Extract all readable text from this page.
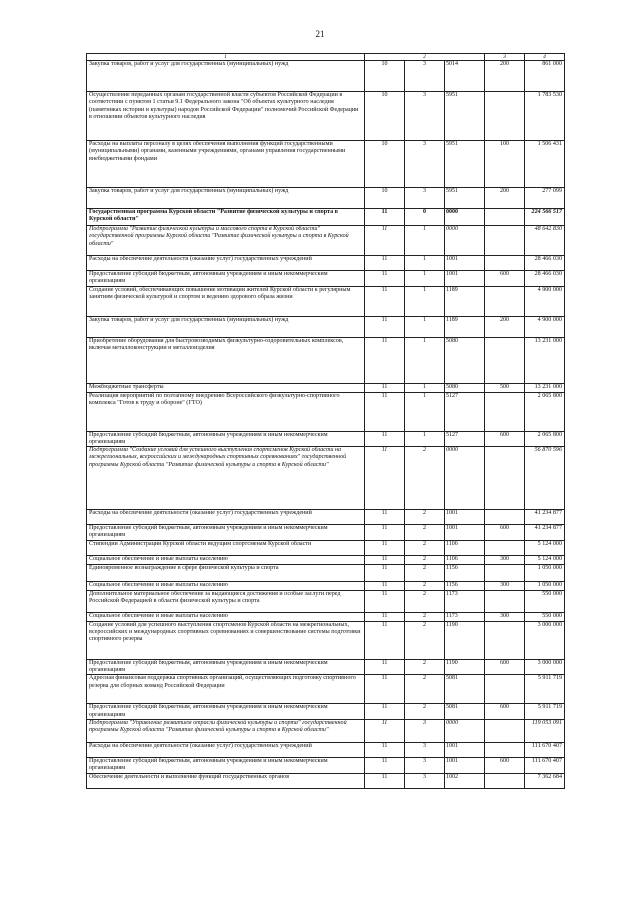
21
1	2			3	4
Закупка товаров, работ и услуг для государственных (муниципальных) нужд	10	3	5014	200	861 000
Осуществление переданных органам государственной власти субъектов Российской Федерации в соответствии с пунктом 1 статьи 9.1 Федерального закона "Об объектах культурного наследия (памятниках истории и культуры) народов Российской Федерации" полномочий Российской Федерации в отношении объектов культурного наследия	10	3	5951		1 783 530
Расходы на выплаты персоналу в целях обеспечения выполнения функций государственными (муниципальными) органами, казенными учреждениями, органами управления государственными внебюджетными фондами	10	3	5951	100	1 506 431
Закупка товаров, работ и услуг для государственных (муниципальных) нужд	10	3	5951	200	277 099
Государственная программа Курской области "Развитие физической культуры и спорта в Курской области"	11	0	0000		224 566 517
Подпрограмма "Развитие физической культуры и массового спорта в Курской области" государственной программы Курской области "Развитие физической культуры и спорта в Курской области"	11	1	0000		48 642 830
Расходы на обеспечение деятельности (оказание услуг) государственных учреждений	11	1	1001		28 466 030
Предоставление субсидий бюджетным, автономным учреждениям и иным некоммерческим организациям	11	1	1001	600	28 466 030
Создание условий, обеспечивающих повышение мотивации жителей Курской области к регулярным занятиям физической культурой и спортом и ведению здорового образа жизни	11	1	1189		4 900 000
Закупка товаров, работ и услуг для государственных (муниципальных) нужд	11	1	1189	200	4 900 000
Приобретение оборудования для быстровозводимых физкультурно-оздоровительных комплексов, включая металлоконструкции и металлоизделия	11	1	5080		13 231 000
Межбюджетные трансферты	11	1	5080	500	13 231 000
Реализация мероприятий по поэтапному внедрению Всероссийского физкультурно-спортивного комплекса "Готов к труду и обороне" (ГТО)	11	1	5127		2 065 800
Предоставление субсидий бюджетным, автономным учреждениям и иным некоммерческим организациям	11	1	5127	600	2 065 800
Подпрограмма "Создание условий для успешного выступления спортсменов Курской области на межрегиональных, всероссийских и международных спортивных соревнованиях" государственной программы Курской области "Развитие физической культуры и спорта в Курской области"	11	2	0000		56 870 596
Расходы на обеспечение деятельности (оказание услуг) государственных учреждений	11	2	1001		41 234 877
Предоставление субсидий бюджетным, автономным учреждениям и иным некоммерческим организациям	11	2	1001	600	41 234 877
Стипендии Администрации Курской области ведущим спортсменам Курской области	11	2	1106		5 124 000
Социальное обеспечение и иные выплаты населению	11	2	1106	300	5 124 000
Единовременное вознаграждение в сфере физической культуры и спорта	11	2	1156		1 050 000
Социальное обеспечение и иные выплаты населению	11	2	1156	300	1 050 000
Дополнительное материальное обеспечение за выдающиеся достижения и особые заслуги перед Российской Федерацией в области физической культуры и спорта	11	2	1173		550 000
Социальное обеспечение и иные выплаты населению	11	2	1173	300	550 000
Создание условий для успешного выступления спортсменов Курской области на межрегиональных, всероссийских и международных спортивных соревнованиях и совершенствование системы подготовки спортивного резерва	11	2	1190		3 000 000
Предоставление субсидий бюджетным, автономным учреждениям и иным некоммерческим организациям	11	2	1190	600	3 000 000
Адресная финансовая поддержка спортивных организаций, осуществляющих подготовку спортивного резерва для сборных команд Российской Федерации	11	2	5081		5 911 719
Предоставление субсидий бюджетным, автономным учреждениям и иным некоммерческим организациям	11	2	5081	600	5 911 719
Подпрограмма "Управление развитием отрасли физической культуры и спорта" государственной программы Курской области "Развитие физической культуры и спорта в Курской области"	11	3	0000		119 053 091
Расходы на обеспечение деятельности (оказание услуг) государственных учреждений	11	3	1001		111 670 407
Предоставление субсидий бюджетным, автономным учреждениям и иным некоммерческим организациям	11	3	1001	600	111 670 407
Обеспечение деятельности и выполнение функций государственных органов	11	3	1002		7 362 684
